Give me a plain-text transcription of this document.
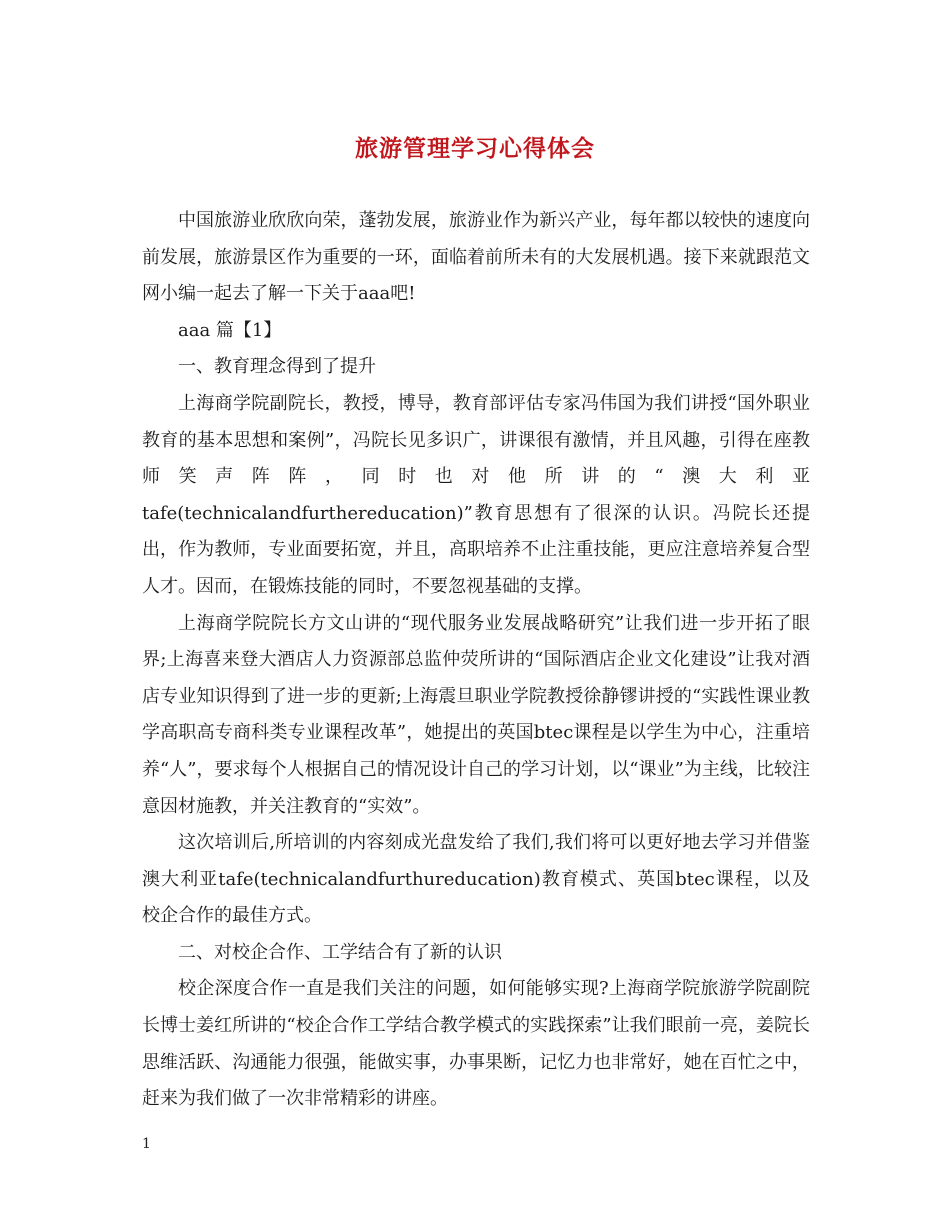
旅游管理学习心得体会

中国旅游业欣欣向荣，蓬勃发展，旅游业作为新兴产业，每年都以较快的速度向前发展，旅游景区作为重要的一环，面临着前所未有的大发展机遇。接下来就跟范文网小编一起去了解一下关于aaa吧!

aaa 篇【1】

一、教育理念得到了提升

上海商学院副院长，教授，博导，教育部评估专家冯伟国为我们讲授“国外职业教育的基本思想和案例”，冯院长见多识广，讲课很有激情，并且风趣，引得在座教师笑声阵阵，同时也对他所讲的“澳大利亚tafe(technicalandfurthereducation)”教育思想有了很深的认识。冯院长还提出，作为教师，专业面要拓宽，并且，高职培养不止注重技能，更应注意培养复合型人才。因而，在锻炼技能的同时，不要忽视基础的支撑。

上海商学院院长方文山讲的“现代服务业发展战略研究”让我们进一步开拓了眼界;上海喜来登大酒店人力资源部总监仲荧所讲的“国际酒店企业文化建设”让我对酒店专业知识得到了进一步的更新;上海震旦职业学院教授徐静镠讲授的“实践性课业教学高职高专商科类专业课程改革”，她提出的英国btec课程是以学生为中心，注重培养“人”，要求每个人根据自己的情况设计自己的学习计划，以“课业”为主线，比较注意因材施教，并关注教育的“实效”。

这次培训后,所培训的内容刻成光盘发给了我们,我们将可以更好地去学习并借鉴澳大利亚tafe(technicalandfurthureducation)教育模式、英国btec课程，以及校企合作的最佳方式。

二、对校企合作、工学结合有了新的认识

校企深度合作一直是我们关注的问题，如何能够实现?上海商学院旅游学院副院长博士姜红所讲的“校企合作工学结合教学模式的实践探索”让我们眼前一亮，姜院长思维活跃、沟通能力很强，能做实事，办事果断，记忆力也非常好，她在百忙之中，赶来为我们做了一次非常精彩的讲座。

1
